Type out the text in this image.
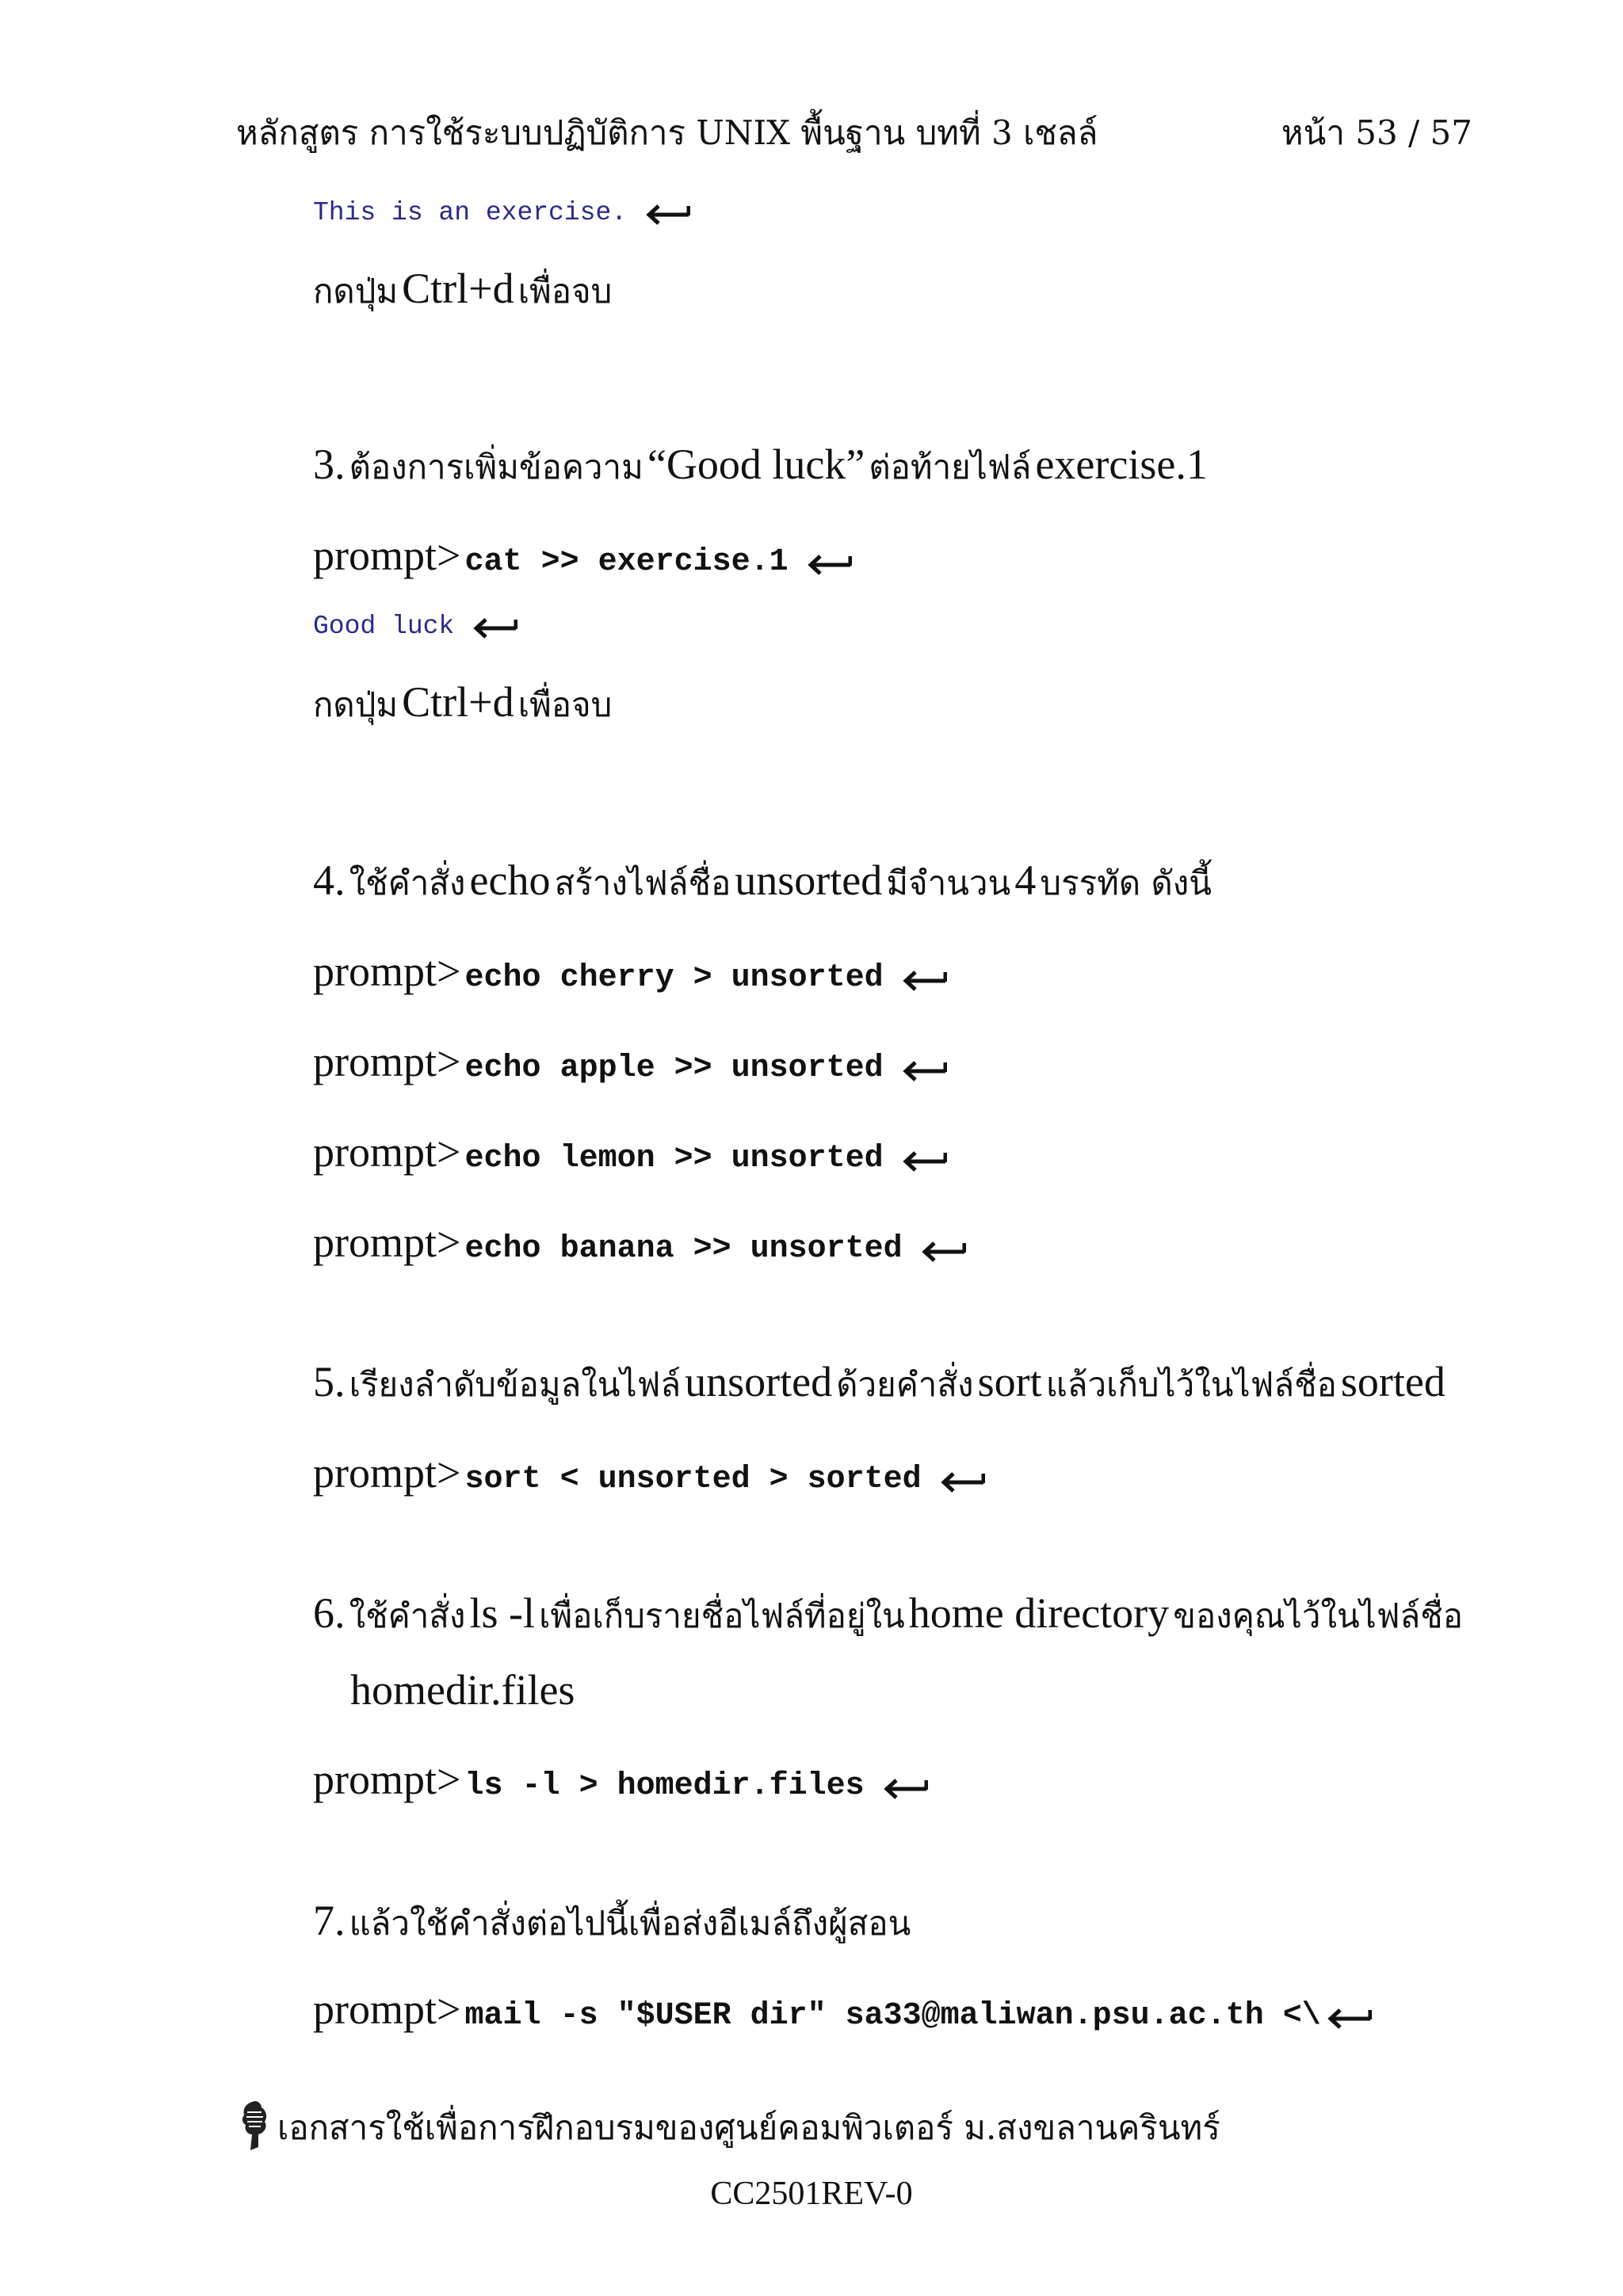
หลักสูตร การใช้ระบบปฏิบัติการ UNIX พื้นฐาน บทที่ 3 เชลล์	หน้า 53 / 57
This is an exercise.
กดปุ่ม Ctrl+d เพื่อจบ
3. ต้องการเพิ่มข้อความ “Good luck” ต่อท้ายไฟล์ exercise.1
prompt> cat >> exercise.1
Good luck
กดปุ่ม Ctrl+d เพื่อจบ
4. ใช้คำสั่ง echo สร้างไฟล์ชื่อ unsorted มีจำนวน 4 บรรทัด ดังนี้
prompt> echo cherry > unsorted
prompt> echo apple >> unsorted
prompt> echo lemon >> unsorted
prompt> echo banana >> unsorted
5. เรียงลำดับข้อมูลในไฟล์ unsorted ด้วยคำสั่ง sort แล้วเก็บไว้ในไฟล์ชื่อ sorted
prompt> sort < unsorted > sorted
6. ใช้คำสั่ง ls -l เพื่อเก็บรายชื่อไฟล์ที่อยู่ใน home directory ของคุณไว้ในไฟล์ชื่อ
homedir.files
prompt> ls -l > homedir.files
7. แล้วใช้คำสั่งต่อไปนี้เพื่อส่งอีเมล์ถึงผู้สอน
prompt> mail -s "$USER dir" sa33@maliwan.psu.ac.th <\
เอกสารใช้เพื่อการฝึกอบรมของศูนย์คอมพิวเตอร์ ม.สงขลานครินทร์
CC2501REV-0
